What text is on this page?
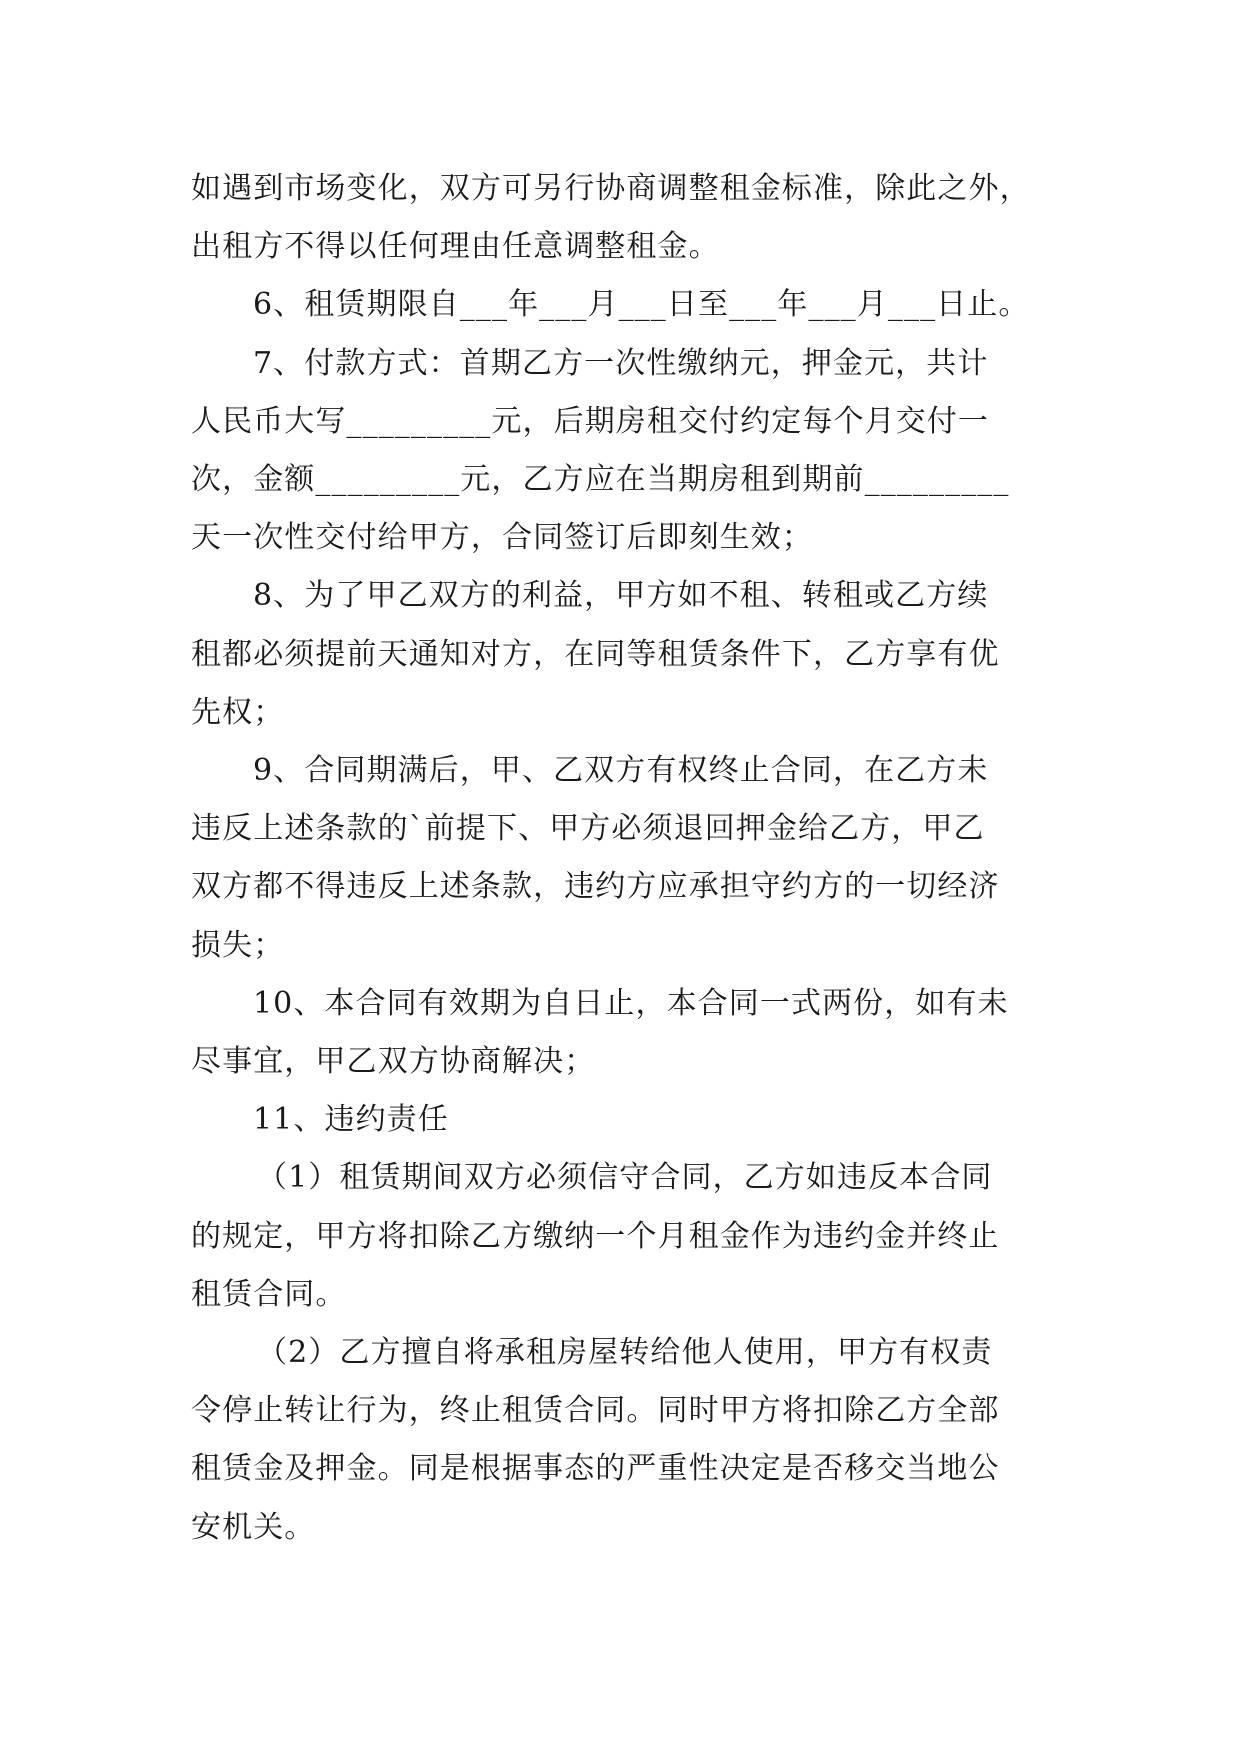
如遇到市场变化，双方可另行协商调整租金标准，除此之外，

出租方不得以任何理由任意调整租金。

6、租赁期限自___年___月___日至___年___月___日止。

7、付款方式：首期乙方一次性缴纳元，押金元，共计

人民币大写_________元，后期房租交付约定每个月交付一

次，金额_________元，乙方应在当期房租到期前_________

天一次性交付给甲方，合同签订后即刻生效；

8、为了甲乙双方的利益，甲方如不租、转租或乙方续

租都必须提前天通知对方，在同等租赁条件下，乙方享有优

先权；

9、合同期满后，甲、乙双方有权终止合同，在乙方未

违反上述条款的`前提下、甲方必须退回押金给乙方，甲乙

双方都不得违反上述条款，违约方应承担守约方的一切经济

损失；

10、本合同有效期为自日止，本合同一式两份，如有未

尽事宜，甲乙双方协商解决；

11、违约责任

（1）租赁期间双方必须信守合同，乙方如违反本合同

的规定，甲方将扣除乙方缴纳一个月租金作为违约金并终止

租赁合同。

（2）乙方擅自将承租房屋转给他人使用，甲方有权责

令停止转让行为，终止租赁合同。同时甲方将扣除乙方全部

租赁金及押金。同是根据事态的严重性决定是否移交当地公

安机关。
